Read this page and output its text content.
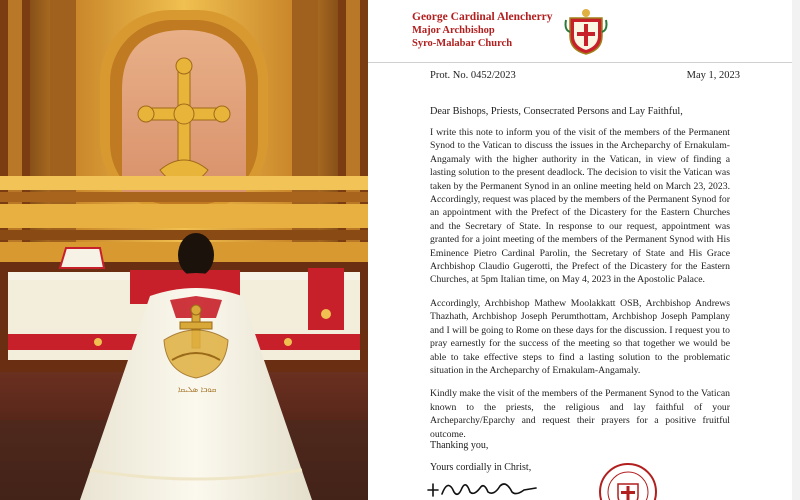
ܩܘܒܐ ܣܠܝܩܐ
George Cardinal Alencherry
Major Archbishop
Syro-Malabar Church
Prot. No. 0452/2023	May 1, 2023
Dear Bishops, Priests, Consecrated Persons and Lay Faithful,

I write this note to inform you of the visit of the members of the Permanent Synod to the Vatican to discuss the issues in the Archeparchy of Ernakulam-Angamaly with the higher authority in the Vatican, in view of finding a lasting solution to the present deadlock. The decision to visit the Vatican was taken by the Permanent Synod in an online meeting held on March 23, 2023. Accordingly, request was placed by the members of the Permanent Synod for an appointment with the Prefect of the Dicastery for the Eastern Churches and the Secretary of State. In response to our request, appointment was granted for a joint meeting of the members of the Permanent Synod with His Eminence Pietro Cardinal Parolin, the Secretary of State and His Grace Archbishop Claudio Gugerotti, the Prefect of the Dicastery for the Eastern Churches, at 5pm Italian time, on May 4, 2023 in the Apostolic Palace.

Accordingly, Archbishop Mathew Moolakkatt OSB, Archbishop Andrews Thazhath, Archbishop Joseph Perumthottam, Archbishop Joseph Pamplany and I will be going to Rome on these days for the discussion. I request you to pray earnestly for the success of the meeting so that together we would be able to take effective steps to find a lasting solution to the problematic situation in the Archeparchy of Ernakulam-Angamaly.

Kindly make the visit of the members of the Permanent Synod to the Vatican known to the priests, the religious and lay faithful of your Archeparchy/Eparchy and request their prayers for a positive fruitful outcome.

Thanking you,
Yours cordially in Christ,
